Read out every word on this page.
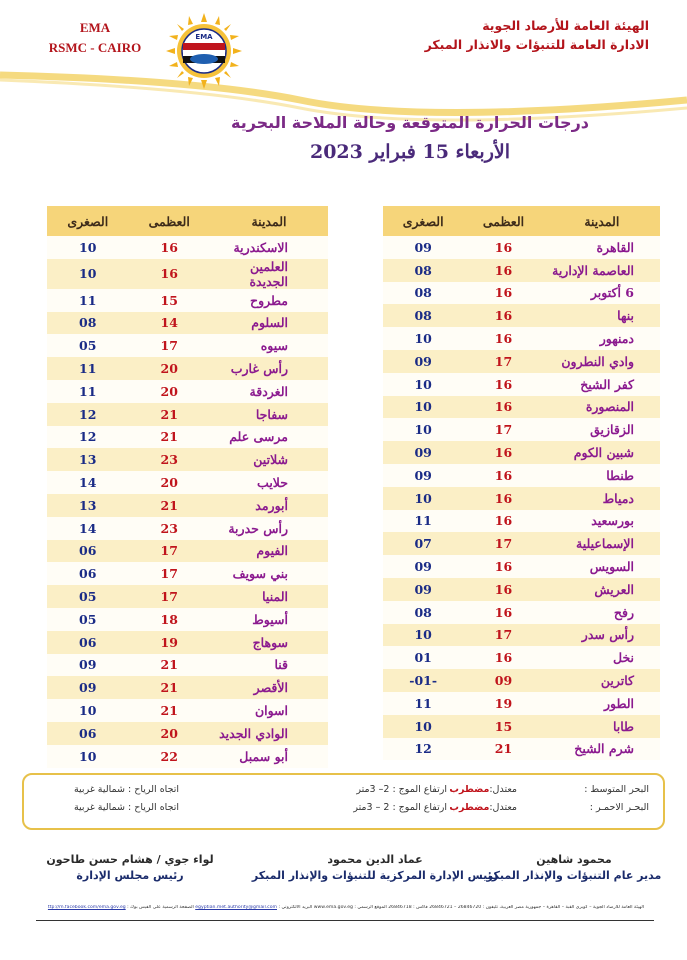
EMA
RSMC - CAIRO
EMA
الهيئة العامة للأرصاد الجوية
الادارة العامة للتنبؤات والانذار المبكر
درجات الحرارة المتوقعة وحالة الملاحة البحرية
الأربعاء 15 فبراير 2023
المدينة	العظمى	الصغرى
القاهرة	16	09
العاصمة الإدارية	16	08
6 أكتوبر	16	08
بنها	16	08
دمنهور	16	10
وادي النطرون	17	09
كفر الشيخ	16	10
المنصورة	16	10
الزقازيق	17	10
شبين الكوم	16	09
طنطا	16	09
دمياط	16	10
بورسعيد	16	11
الإسماعيلية	17	07
السويس	16	09
العريش	16	09
رفح	16	08
رأس سدر	17	10
نخل	16	01
كاترين	09	-01-
الطور	19	11
طابا	15	10
شرم الشيخ	21	12
المدينة	العظمى	الصغرى
الاسكندرية	16	10
العلمين الجديدة	16	10
مطروح	15	11
السلوم	14	08
سيوه	17	05
رأس غارب	20	11
الغردقة	20	11
سفاجا	21	12
مرسى علم	21	12
شلاتين	23	13
حلايب	20	14
أبورمد	21	13
رأس حدربة	23	14
الفيوم	17	06
بني سويف	17	06
المنيا	17	05
أسيوط	18	05
سوهاج	19	06
قنا	21	09
الأقصر	21	09
اسوان	21	10
الوادي الجديد	20	06
أبو سمبل	22	10
البحر المتوسط :
معتدل:مضطرب
ارتفاع الموج : 2– 3متر
اتجاه الرياح : شمالية غربية
البحـر الاحمـر :
معتدل:مضطرب
ارتفاع الموج : 2 – 3متر
اتجاه الرياح : شمالية غربية
محمود شاهين
مدير عام التنبؤات والإنذار المبكر
عماد الدين محمود
رئيس الإدارة المركزية للتنبؤات والإنذار المبكر
لواء جوي / هشام حسن طاحون
رئيس مجلس الإدارة
الهيئة العامة للأرصاد الجوية – كوبري القبة – القاهرة – جمهورية مصر العربية، تليفون : 26846720 – 26846721 فاكس : 26846718 الموقع الرسمي : www.ema.gov.eg البريد الالكتروني : egyptian.met.authority@gmail.com الصفحة الرسمية على الفيس بوك : ttp://m.facebook.com/ema.gov.eg
